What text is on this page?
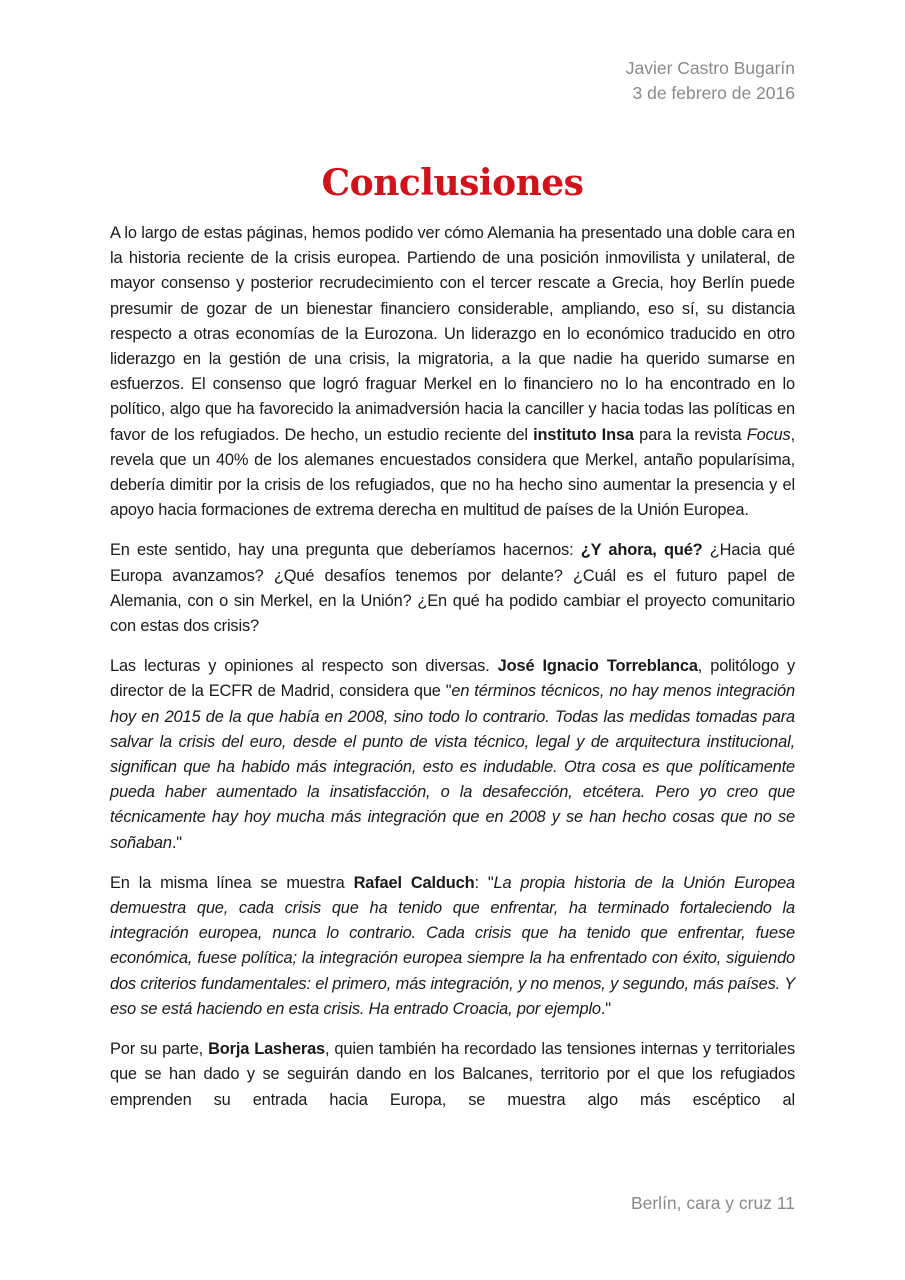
Javier Castro Bugarín
3 de febrero de 2016
Conclusiones

A lo largo de estas páginas, hemos podido ver cómo Alemania ha presentado una doble cara en la historia reciente de la crisis europea. Partiendo de una posición inmovilista y unilateral, de mayor consenso y posterior recrudecimiento con el tercer rescate a Grecia, hoy Berlín puede presumir de gozar de un bienestar financiero considerable, ampliando, eso sí, su distancia respecto a otras economías de la Eurozona. Un liderazgo en lo económico traducido en otro liderazgo en la gestión de una crisis, la migratoria, a la que nadie ha querido sumarse en esfuerzos. El consenso que logró fraguar Merkel en lo financiero no lo ha encontrado en lo político, algo que ha favorecido la animadversión hacia la canciller y hacia todas las políticas en favor de los refugiados. De hecho, un estudio reciente del instituto Insa para la revista Focus, revela que un 40% de los alemanes encuestados considera que Merkel, antaño popularísima, debería dimitir por la crisis de los refugiados, que no ha hecho sino aumentar la presencia y el apoyo hacia formaciones de extrema derecha en multitud de países de la Unión Europea.

En este sentido, hay una pregunta que deberíamos hacernos: ¿Y ahora, qué? ¿Hacia qué Europa avanzamos? ¿Qué desafíos tenemos por delante? ¿Cuál es el futuro papel de Alemania, con o sin Merkel, en la Unión? ¿En qué ha podido cambiar el proyecto comunitario con estas dos crisis?

Las lecturas y opiniones al respecto son diversas. José Ignacio Torreblanca, politólogo y director de la ECFR de Madrid, considera que "en términos técnicos, no hay menos integración hoy en 2015 de la que había en 2008, sino todo lo contrario. Todas las medidas tomadas para salvar la crisis del euro, desde el punto de vista técnico, legal y de arquitectura institucional, significan que ha habido más integración, esto es indudable. Otra cosa es que políticamente pueda haber aumentado la insatisfacción, o la desafección, etcétera. Pero yo creo que técnicamente hay hoy mucha más integración que en 2008 y se han hecho cosas que no se soñaban."

En la misma línea se muestra Rafael Calduch: "La propia historia de la Unión Europea demuestra que, cada crisis que ha tenido que enfrentar, ha terminado fortaleciendo la integración europea, nunca lo contrario. Cada crisis que ha tenido que enfrentar, fuese económica, fuese política; la integración europea siempre la ha enfrentado con éxito, siguiendo dos criterios fundamentales: el primero, más integración, y no menos, y segundo, más países. Y eso se está haciendo en esta crisis. Ha entrado Croacia, por ejemplo."

Por su parte, Borja Lasheras, quien también ha recordado las tensiones internas y territoriales que se han dado y se seguirán dando en los Balcanes, territorio por el que los refugiados emprenden su entrada hacia Europa, se muestra algo más escéptico al

Berlín, cara y cruz 11
